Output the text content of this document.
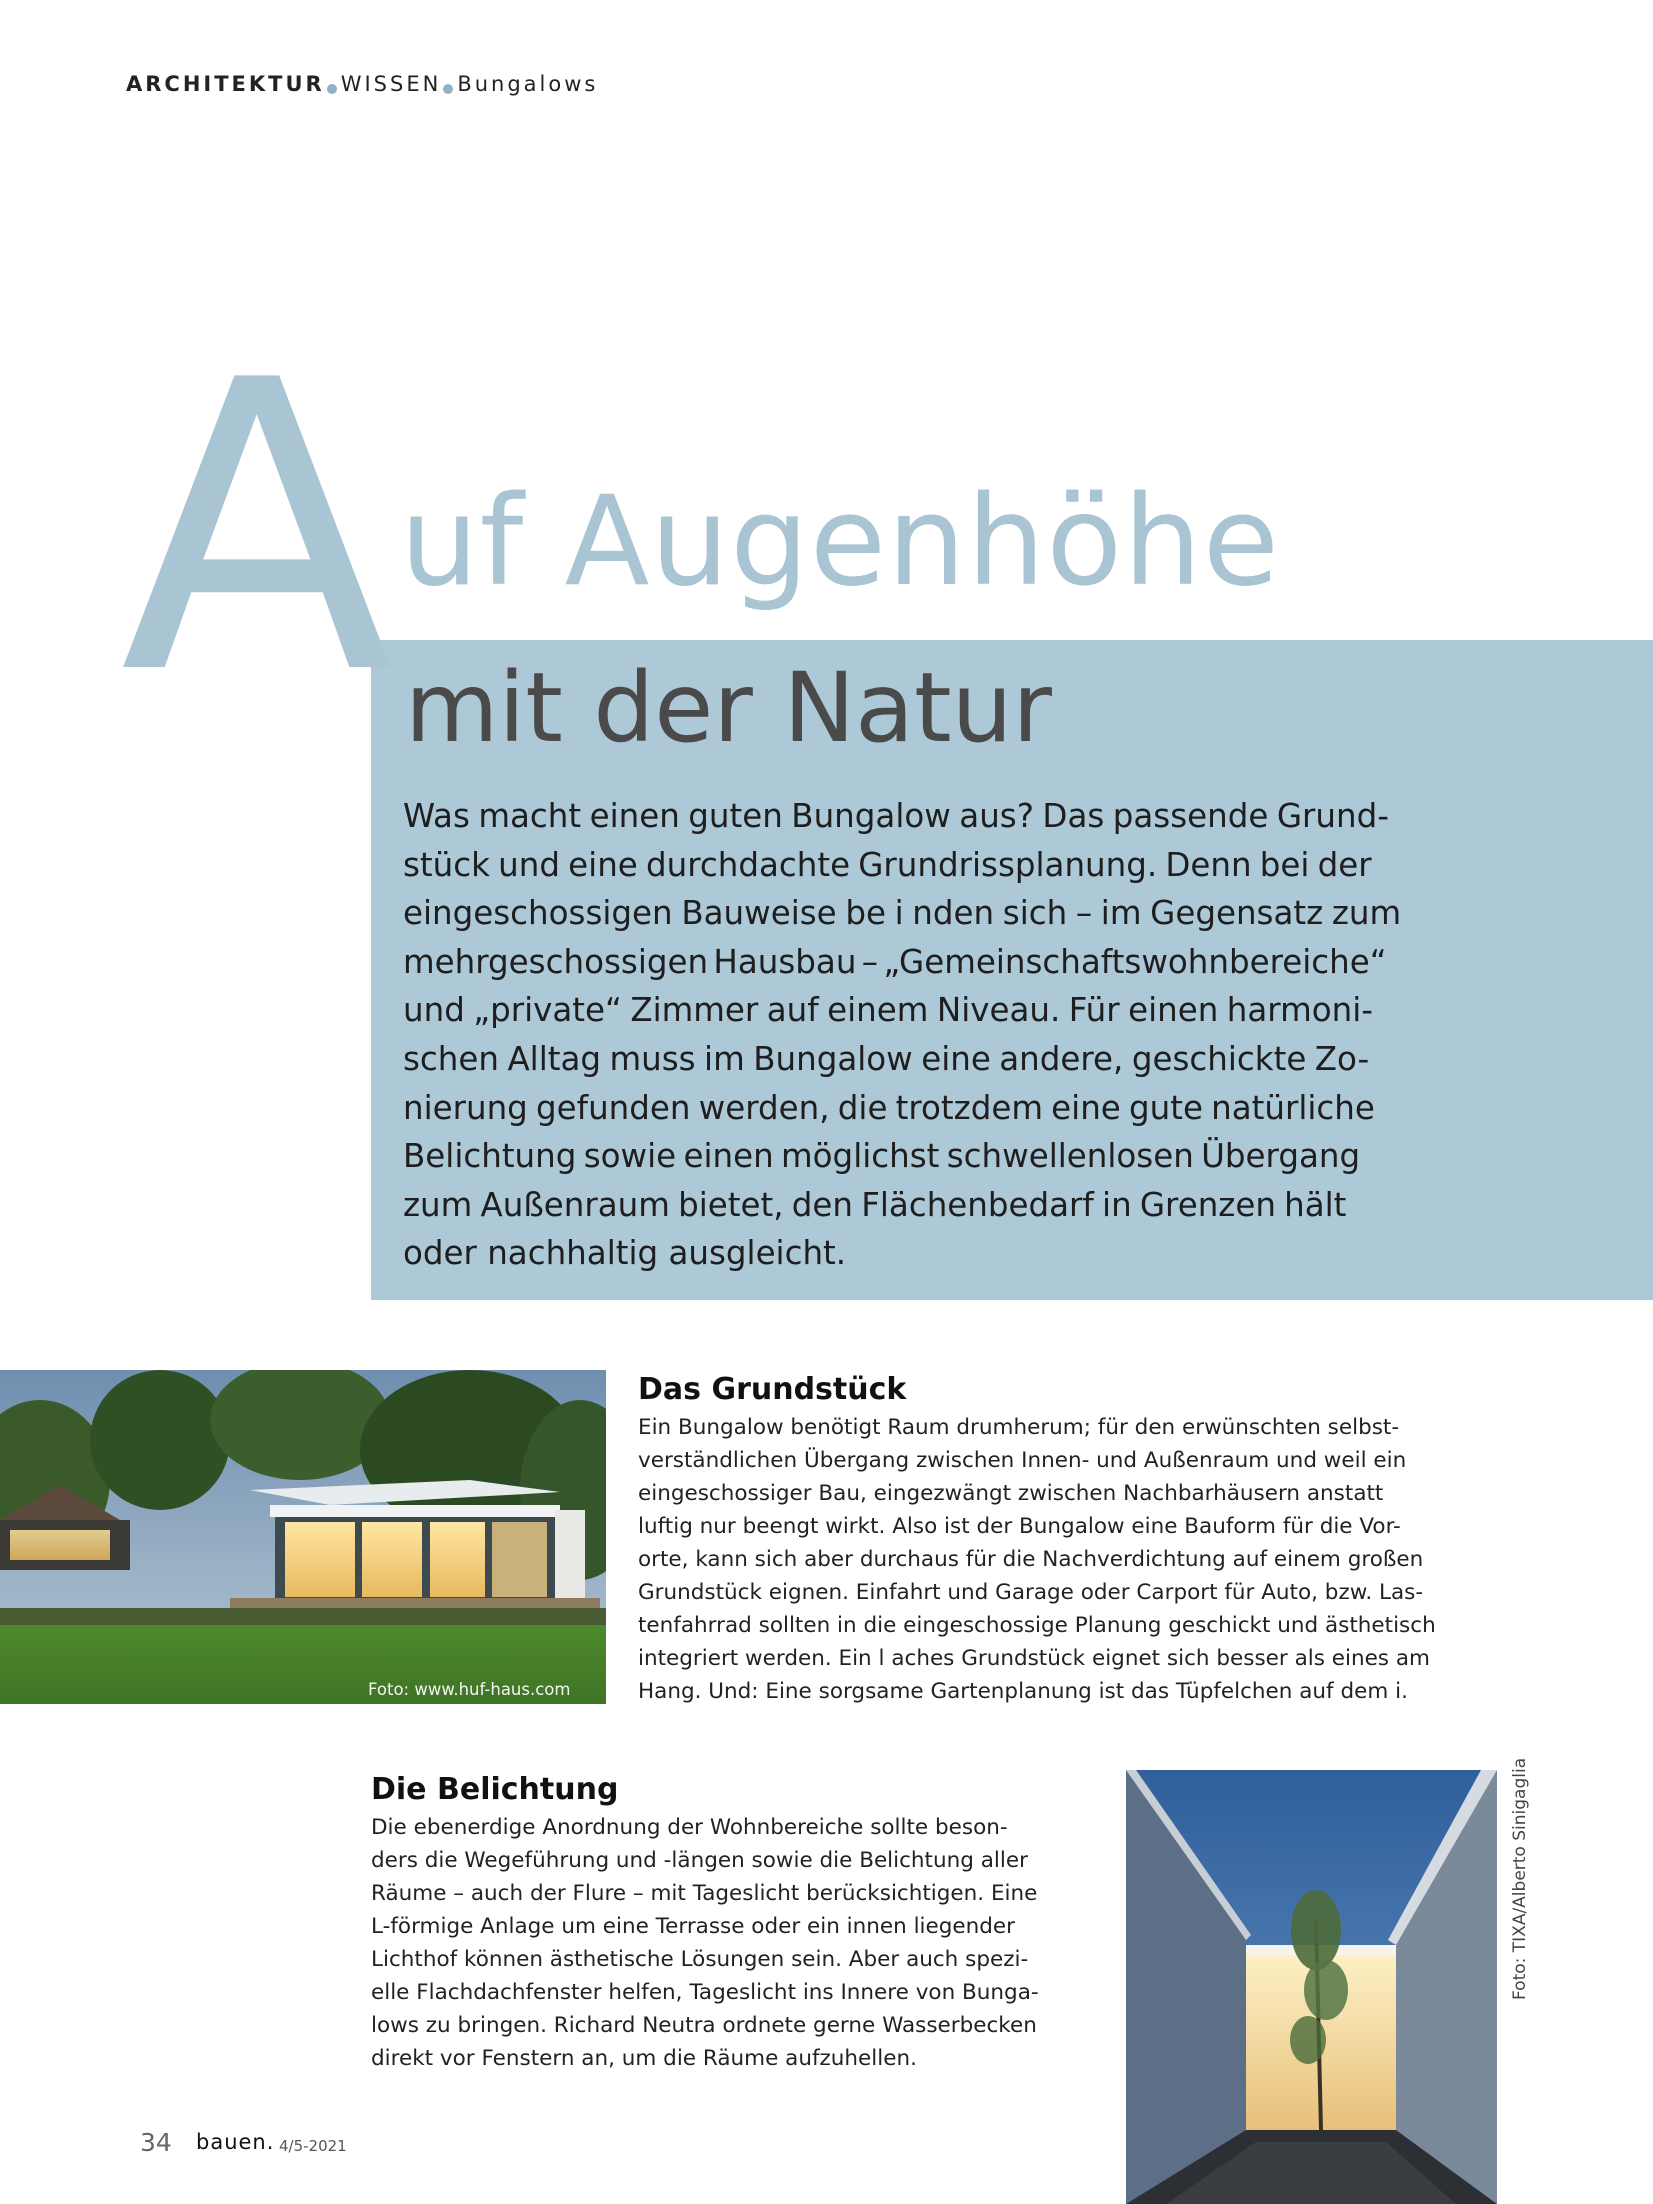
ARCHITEKTUR WISSEN Bungalows
A uf Augenhöhe
mit der Natur
Was macht einen guten Bungalow aus? Das passende Grund-
stück und eine durchdachte Grundrissplanung. Denn bei der
eingeschossigen Bauweise be i nden sich – im Gegensatz zum
mehrgeschossigen Hausbau – „Gemeinschaftswohnbereiche“
und „private“ Zimmer auf einem Niveau. Für einen harmoni-
schen Alltag muss im Bungalow eine andere, geschickte Zo-
nierung gefunden werden, die trotzdem eine gute natürliche
Belichtung sowie einen möglichst schwellenlosen Übergang
zum Außenraum bietet, den Flächenbedarf in Grenzen hält
oder nachhaltig ausgleicht.
Foto: www.huf-haus.com
Das Grundstück
Ein Bungalow benötigt Raum drumherum; für den erwünschten selbst-
verständlichen Übergang zwischen Innen- und Außenraum und weil ein
eingeschossiger Bau, eingezwängt zwischen Nachbarhäusern anstatt
luftig nur beengt wirkt. Also ist der Bungalow eine Bauform für die Vor-
orte, kann sich aber durchaus für die Nachverdichtung auf einem großen
Grundstück eignen. Einfahrt und Garage oder Carport für Auto, bzw. Las-
tenfahrrad sollten in die eingeschossige Planung geschickt und ästhetisch
integriert werden. Ein l aches Grundstück eignet sich besser als eines am
Hang. Und: Eine sorgsame Gartenplanung ist das Tüpfelchen auf dem i.
Die Belichtung
Die ebenerdige Anordnung der Wohnbereiche sollte beson-
ders die Wegeführung und -längen sowie die Belichtung aller
Räume – auch der Flure – mit Tageslicht berücksichtigen. Eine
L-förmige Anlage um eine Terrasse oder ein innen liegender
Lichthof können ästhetische Lösungen sein. Aber auch spezi-
elle Flachdachfenster helfen, Tageslicht ins Innere von Bunga-
lows zu bringen. Richard Neutra ordnete gerne Wasserbecken
direkt vor Fenstern an, um die Räume aufzuhellen.
Foto: TIXA/Alberto Sinigaglia
34 bauen. 4/5-2021
